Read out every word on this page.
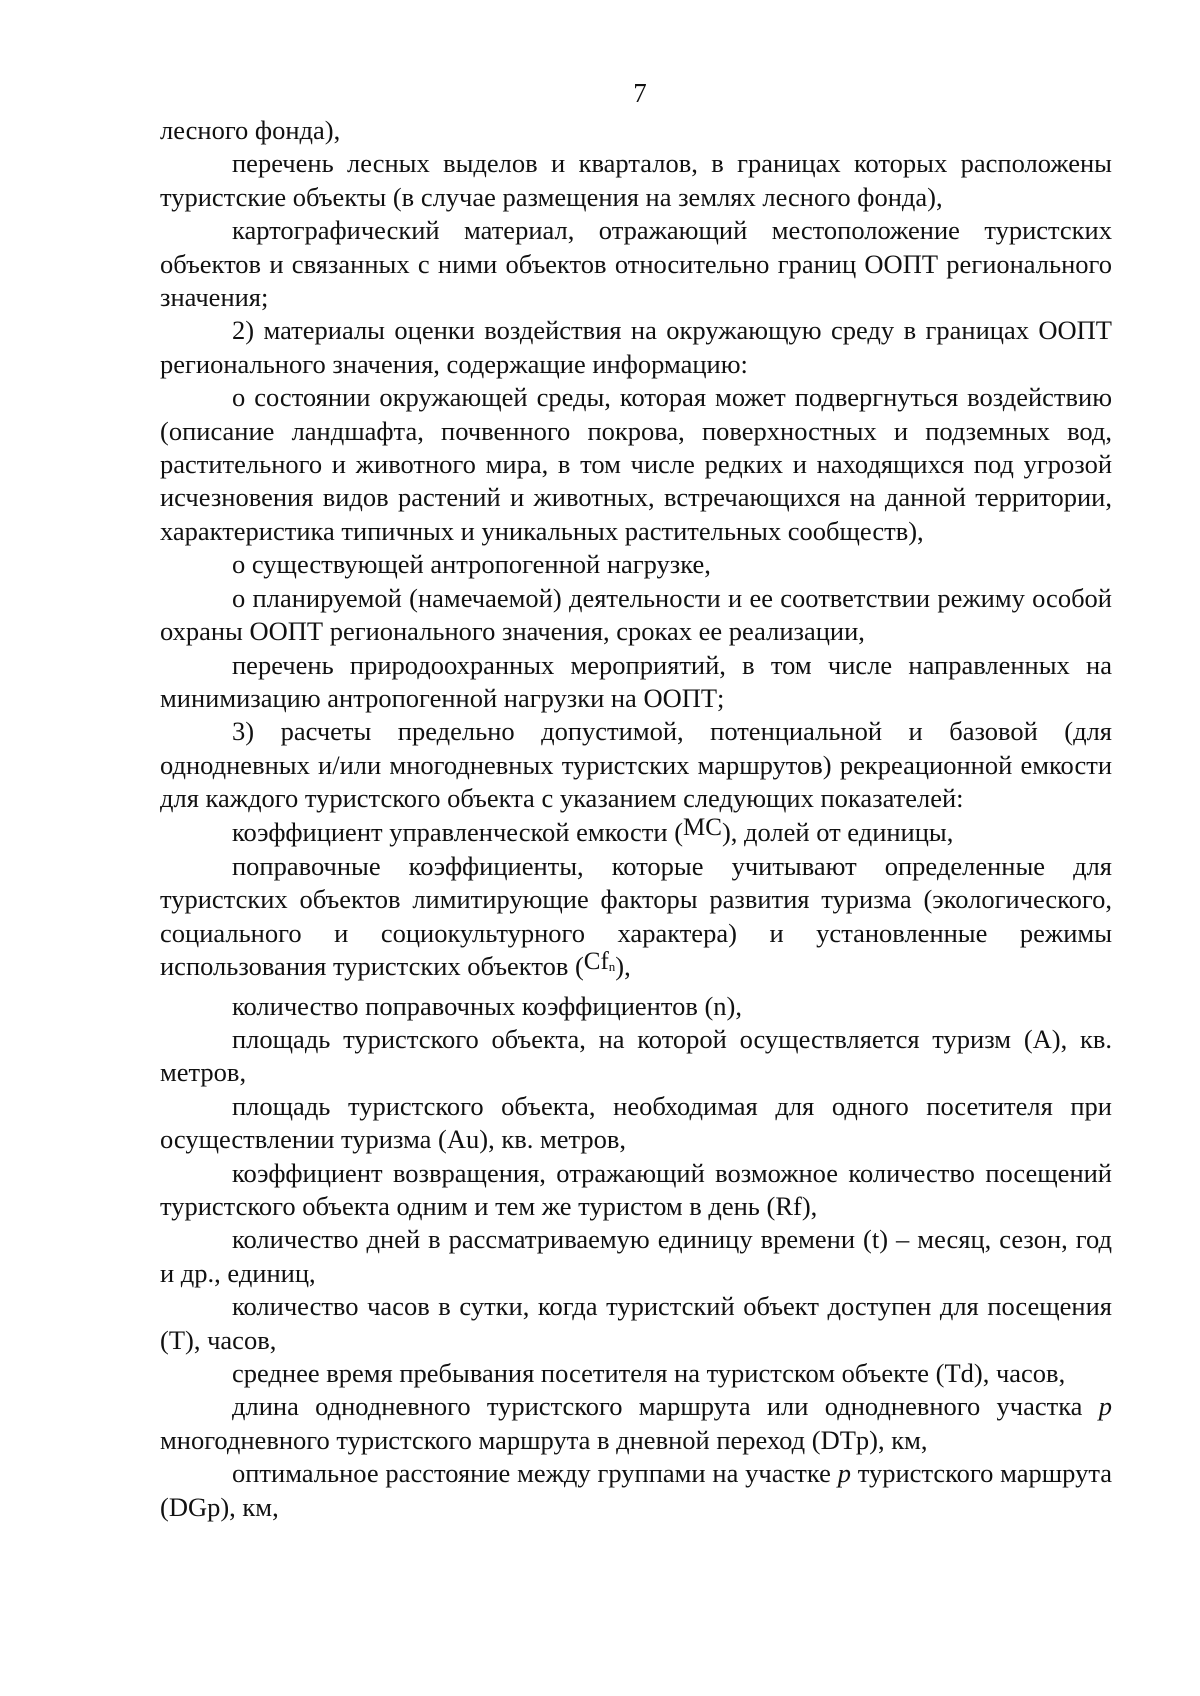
7

лесного фонда),

перечень лесных выделов и кварталов, в границах которых расположены туристские объекты (в случае размещения на землях лесного фонда),

картографический материал, отражающий местоположение туристских объектов и связанных с ними объектов относительно границ ООПТ регионального значения;

2) материалы оценки воздействия на окружающую среду в границах ООПТ регионального значения, содержащие информацию:

о состоянии окружающей среды, которая может подвергнуться воздействию (описание ландшафта, почвенного покрова, поверхностных и подземных вод, растительного и животного мира, в том числе редких и находящихся под угрозой исчезновения видов растений и животных, встречающихся на данной территории, характеристика типичных и уникальных растительных сообществ),

о существующей антропогенной нагрузке,

о планируемой (намечаемой) деятельности и ее соответствии режиму особой охраны ООПТ регионального значения, сроках ее реализации,

перечень природоохранных мероприятий, в том числе направленных на минимизацию антропогенной нагрузки на ООПТ;

3) расчеты предельно допустимой, потенциальной и базовой (для однодневных и/или многодневных туристских маршрутов) рекреационной емкости для каждого туристского объекта с указанием следующих показателей:

коэффициент управленческой емкости (MC), долей от единицы,

поправочные коэффициенты, которые учитывают определенные для туристских объектов лимитирующие факторы развития туризма (экологического, социального и социокультурного характера) и установленные режимы использования туристских объектов $(Cf_n)$,

количество поправочных коэффициентов (n),

площадь туристского объекта, на которой осуществляется туризм (A), кв. метров,

площадь туристского объекта, необходимая для одного посетителя при осуществлении туризма (Au), кв. метров,

коэффициент возвращения, отражающий возможное количество посещений туристского объекта одним и тем же туристом в день (Rf),

количество дней в рассматриваемую единицу времени (t) – месяц, сезон, год и др., единиц,

количество часов в сутки, когда туристский объект доступен для посещения (T), часов,

среднее время пребывания посетителя на туристском объекте (Td), часов,

длина однодневного туристского маршрута или однодневного участка p многодневного туристского маршрута в дневной переход (DTp), км,

оптимальное расстояние между группами на участке p туристского маршрута (DGp), км,
